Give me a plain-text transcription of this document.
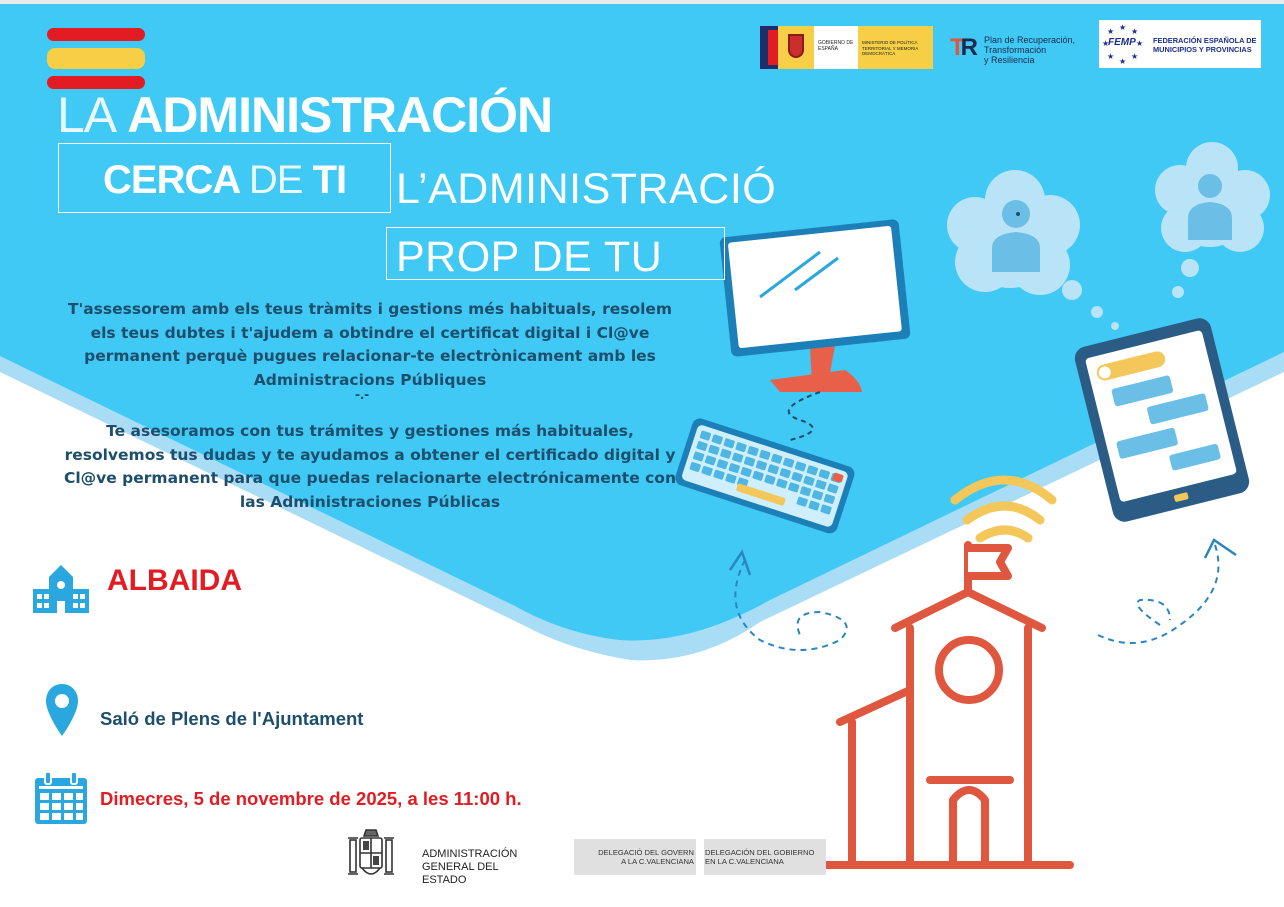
LA ADMINISTRACIÓN
CERCA DE TI L’ADMINISTRACIÓ
PROP DE TU
GOBIERNO DE ESPAÑA
MINISTERIO DE POLÍTICA TERRITORIAL Y MEMORIA DEMOCRÁTICA	TR Plan de Recuperación,
Transformación
y Resiliencia
★ ★
★
★
★
★
★
★
FEMP FEDERACIÓN ESPAÑOLA DE
MUNICIPIOS Y PROVINCIAS
T'assessorem amb els teus tràmits i gestions més habituals, resolem els teus dubtes i t'ajudem a obtindre el certificat digital i Cl@ve permanent perquè pugues relacionar-te electrònicament amb les Administracions Públiques
-.-
Te asesoramos con tus trámites y gestiones más habituales, resolvemos tus dudas y te ayudamos a obtener el certificado digital y Cl@ve permanent para que puedas relacionarte electrónicamente con las Administraciones Públicas
ALBAIDA
Saló de Plens de l'Ajuntament
Dimecres, 5 de novembre de 2025, a les 11:00 h.
ADMINISTRACIÓN
GENERAL DEL
ESTADO
DELEGACIÓ DEL GOVERN
A LA C.VALENCIANA
DELEGACIÓN DEL GOBIERNO
EN LA C.VALENCIANA
